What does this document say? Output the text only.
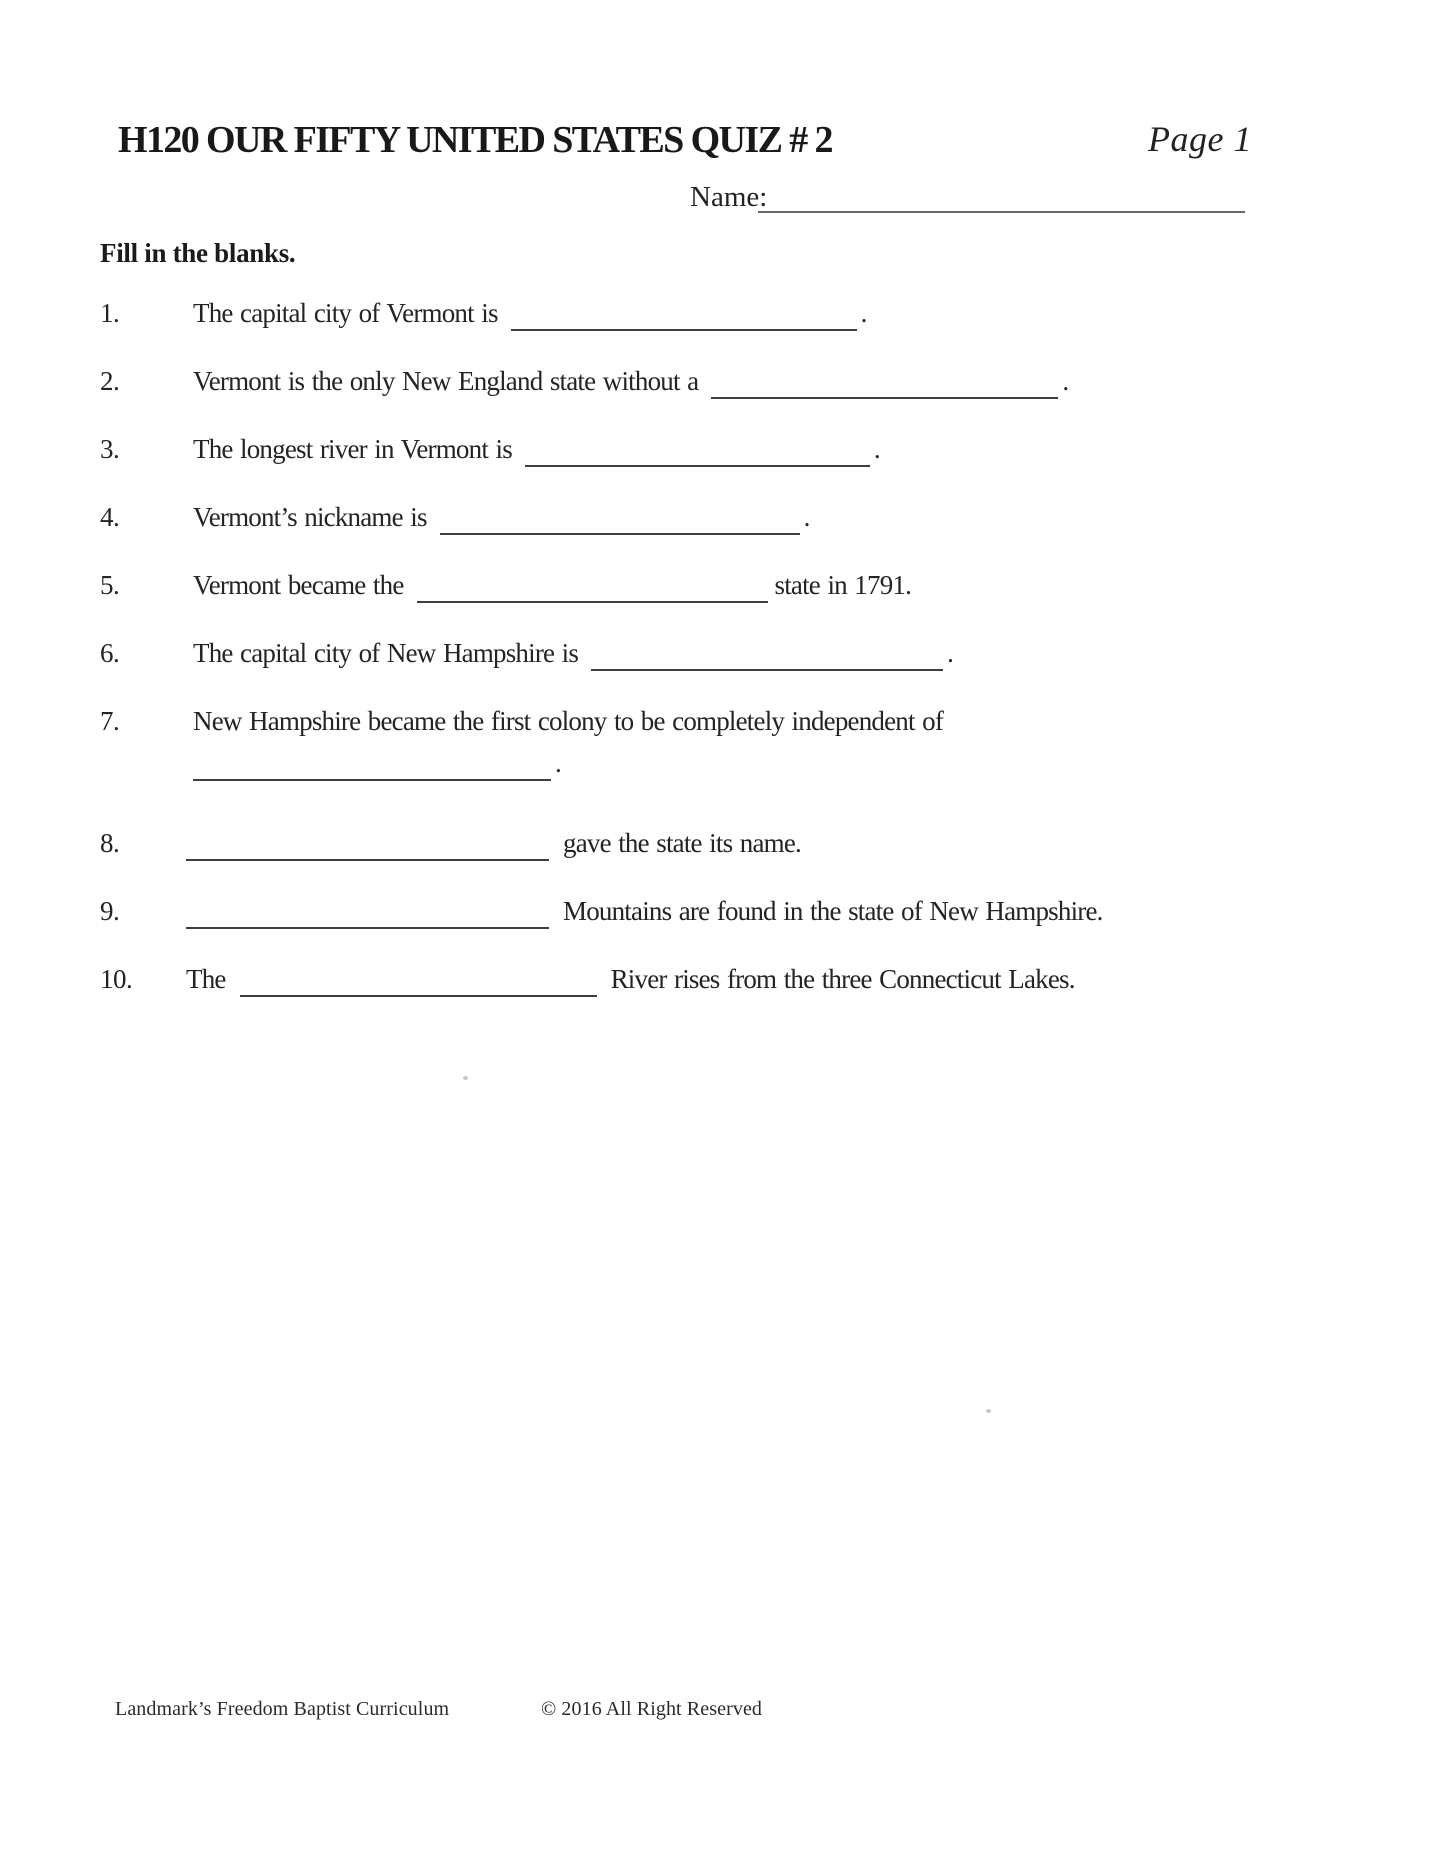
H120 OUR FIFTY UNITED STATES QUIZ # 2	Page 1
Name:
Fill in the blanks.
1.	The capital city of Vermont is	.
2.	Vermont is the only New England state without a	.
3.	The longest river in Vermont is	.
4.	Vermont’s nickname is	.
5.	Vermont became the	state in 1791.
6.	The capital city of New Hampshire is	.
7.	New Hampshire became the first colony to be completely independent of
.
8.	gave the state its name.
9.	Mountains are found in the state of New Hampshire.
10. The	River rises from the three Connecticut Lakes.
Landmark’s Freedom Baptist Curriculum	© 2016 All Right Reserved
